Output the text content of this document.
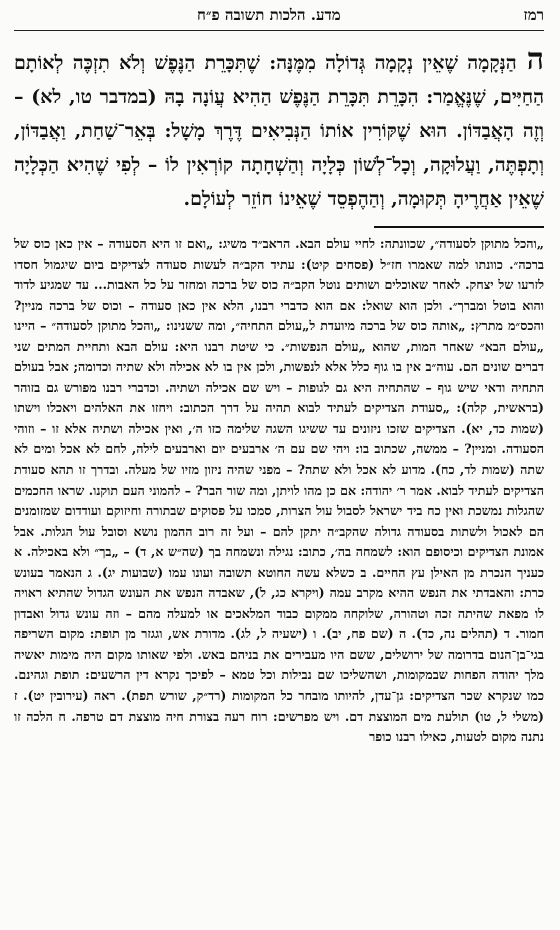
רמז
מדע. הלכות תשובה פ״ח
ההַנְּקָמָה שֶׁאֵין נְקָמָה גְּדוֹלָה מִמֶּנָּה: שֶׁתִּכָּרֵת הַנֶּפֶשׁ וְלֹא תִזְכֶּה לְאוֹתָם הַחַיִּים, שֶׁנֶּאֱמַר: הִכָּרֵת תִּכָּרֵת הַנֶּפֶשׁ הַהִיא עֲוֹנָה בָהּ (במדבר טו, לא) – וְזֶה הָאֲבַדּוֹן. הוּא שֶׁקּוֹרִין אוֹתוֹ הַנְּבִיאִים דֶּרֶךְ מָשָׁל: בְּאֵר־שַׁחַת, וַאֲבַדּוֹן, וְתָפְתֶּה, וַעֲלוּקָה, וְכָל־לְשׁוֹן כְּלָיָה וְהַשְׁחָתָה קוֹרְאִין לוֹ – לְפִי שֶׁהִיא הַכְּלָיָה שֶׁאֵין אַחֲרֶיהָ תְּקוּמָה, וְהַהֶפְסֵד שֶׁאֵינוֹ חוֹזֵר לְעוֹלָם.

„והכל מתוקן לסעודה״, שכוונתה: לחיי עולם הבא. הראב״ד משיג: „ואם זו היא הסעודה – אין כאן כוס של ברכה״. כוונתו למה שאמרו חז״ל (פסחים קיט): עתיד הקב״ה לעשות סעודה לצדיקים ביום שיגמול חסדו לזרעו של יצחק. לאחר שאוכלים ושותים נוטל הקב״ה כוס של ברכה ומחזר על כל האבות... עד שמגיע לדוד והוא בוטל ומברך״. ולכן הוא שואל: אם הוא כדברי רבנו, הלא אין כאן סעודה – וכוס של ברכה מניין? והכס״מ מתרץ: „אותה כוס של ברכה מיועדת ל„עולם התחיה״, ומה ששנינו: „והכל מתוקן לסעודה״ – היינו „עולם הבא״ שאחר המות, שהוא „עולם הנפשות״. כי שיטת רבנו היא: עולם הבא ותחיית המתים שני דברים שונים הם. עוה״ב אין בו גוף כלל אלא לנפשות, ולכן אין בו לא אכילה ולא שתיה וכדומה; אבל בעולם התחיה ודאי שיש גוף – שהתחיה היא גם לגופות – ויש שם אכילה ושתיה. וכדברי רבנו מפורש גם בזוהר (בראשית, קלה): „סעודת הצדיקים לעתיד לבוא תהיה על דרך הכתוב: ויחזו את האלהים ויאכלו וישתו (שמות כד, יא). הצדיקים שזכו ניזונים עד ששיגו השגה שלימה כזו ה׳, ואין אכילה ושתיה אלא זו – וזוהי הסעודה. ומניין? – ממשה, שכתוב בו: ויהי שם עם ה׳ ארבעים יום וארבעים לילה, לחם לא אכל ומים לא שתה (שמות לד, כח). מדוע לא אכל ולא שתה? – מפני שהיה ניזון מזיו של מעלה. ובדרך זו תהא סעודת הצדיקים לעתיד לבוא. אמר ר׳ יהודה: אם כן מהו לויתן, ומה שור הבר? – להמוני העם תוקנו. שראו החכמים שהגלות נמשכת ואין כח ביד ישראל לסבול עול הצרות, סמכו על פסוקים שבתורה וחיזוקם ועודדום שמזומנים הם לאכול ולשתות בסעודה גדולה שהקב״ה יתקן להם – ועל זה רוב ההמון נושא וסובל עול הגלות. אבל אמונת הצדיקים וכיסופם הוא: לשמחה בה׳, כתוב: נגילה ונשמחה בך (שה״ש א, ד) – „בך״ ולא באכילה. א כעניך הנכרת מן האילן עץ החיים. ב כשלא עשה החוטא תשובה ועונו עמו (שבועות יג). ג הנאמר בעונש כרת: והאבדתי את הנפש ההיא מקרב עמה (ויקרא כג, ל), שאבדה הנפש את העונש הגדול שהתיא ראויה לו מפאת שהיתה זכה וטהורה, שלוקחה ממקום כבוד המלאכים או למעלה מהם – וזה עונש גדול ואבדון חמור. ד (תהלים נה, כד). ה (שם פח, יב). ו (ישעיה ל, לג). מדורת אש, וגגזר מן תופת: מקום השריפה בגי־בן־הנום בדרומה של ירושלים, ששם היו מעבירים את בניהם באש. ולפי שאותו מקום היה מימות יאשיה מלך יהודה הפחות שבמקומות, ושהשליכו שם נבילות וכל טמא – לפיכך נקרא דין הרשעים: תופת וגהינם. כמו שנקרא שכר הצדיקים: גן־עדן, להיותו מובחר כל המקומות (רד״ק, שורש תפת). ראה (עירובין יט). ז (משלי ל, טו) תולעת מים המוצצת דם. ויש מפרשים: רוח רעה בצורת חיה מוצצת דם טרפה. ח הלכה זו נתנה מקום לטעות, כאילו רבנו כופר
